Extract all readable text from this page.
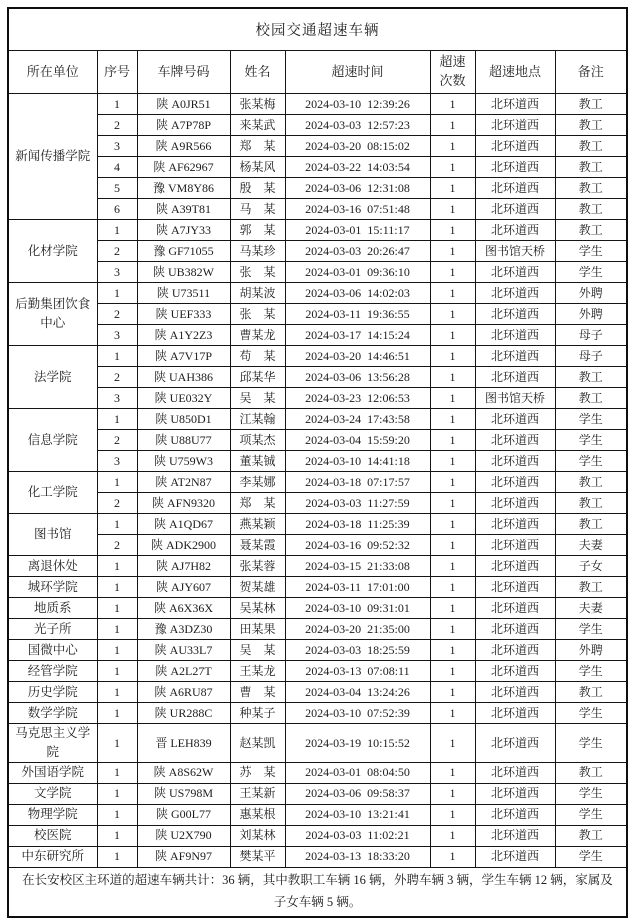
校园交通超速车辆							
所在单位	序号	车牌号码	姓名	超速时间	超速次数	超速地点	备注
新闻传播学院	1	陕 A0JR51	张某梅	2024-03-10  12:39:26	1	北环道西	教工
	2	陕 A7P78P	来某武	2024-03-03  12:57:23	1	北环道西	教工
	3	陕 A9R566	郑　某	2024-03-20  08:15:02	1	北环道西	教工
	4	陕 AF62967	杨某风	2024-03-22  14:03:54	1	北环道西	教工
	5	豫 VM8Y86	殷　某	2024-03-06  12:31:08	1	北环道西	教工
	6	陕 A39T81	马　某	2024-03-16  07:51:48	1	北环道西	教工
化材学院	1	陕 A7JY33	郭　某	2024-03-01  15:11:17	1	北环道西	教工
	2	豫 GF71055	马某珍	2024-03-03  20:26:47	1	图书馆天桥	学生
	3	陕 UB382W	张　某	2024-03-01  09:36:10	1	北环道西	学生
后勤集团饮食中心	1	陕 U73511	胡某波	2024-03-06  14:02:03	1	北环道西	外聘
	2	陕 UEF333	张　某	2024-03-11  19:36:55	1	北环道西	外聘
	3	陕 A1Y2Z3	曹某龙	2024-03-17  14:15:24	1	北环道西	母子
法学院	1	陕 A7V17P	苟　某	2024-03-20  14:46:51	1	北环道西	母子
	2	陕 UAH386	邱某华	2024-03-06  13:56:28	1	北环道西	教工
	3	陕 UE032Y	吴　某	2024-03-23  12:06:53	1	图书馆天桥	教工
信息学院	1	陕 U850D1	江某翰	2024-03-24  17:43:58	1	北环道西	学生
	2	陕 U88U77	项某杰	2024-03-04  15:59:20	1	北环道西	学生
	3	陕 U759W3	董某铖	2024-03-10  14:41:18	1	北环道西	学生
化工学院	1	陕 AT2N87	李某娜	2024-03-18  07:17:57	1	北环道西	教工
	2	陕 AFN9320	郑　某	2024-03-03  11:27:59	1	北环道西	教工
图书馆	1	陕 A1QD67	燕某颖	2024-03-18  11:25:39	1	北环道西	教工
	2	陕 ADK2900	聂某霞	2024-03-16  09:52:32	1	北环道西	夫妻
离退休处	1	陕 AJ7H82	张某蓉	2024-03-15  21:33:08	1	北环道西	子女
城环学院	1	陕 AJY607	贺某雄	2024-03-11  17:01:00	1	北环道西	教工
地质系	1	陕 A6X36X	吴某林	2024-03-10  09:31:01	1	北环道西	夫妻
光子所	1	豫 A3DZ30	田某果	2024-03-20  21:35:00	1	北环道西	学生
国微中心	1	陕 AU33L7	吴　某	2024-03-03  18:25:59	1	北环道西	外聘
经管学院	1	陕 A2L27T	王某龙	2024-03-13  07:08:11	1	北环道西	学生
历史学院	1	陕 A6RU87	曹　某	2024-03-04  13:24:26	1	北环道西	教工
数学学院	1	陕 UR288C	种某子	2024-03-10  07:52:39	1	北环道西	学生
马克思主义学院	1	晋 LEH839	赵某凯	2024-03-19  10:15:52	1	北环道西	学生
外国语学院	1	陕 A8S62W	苏　某	2024-03-01  08:04:50	1	北环道西	教工
文学院	1	陕 US798M	王某新	2024-03-06  09:58:37	1	北环道西	学生
物理学院	1	陕 G00L77	惠某根	2024-03-10  13:21:41	1	北环道西	学生
校医院	1	陕 U2X790	刘某林	2024-03-03  11:02:21	1	北环道西	教工
中东研究所	1	陕 AF9N97	樊某平	2024-03-13  18:33:20	1	北环道西	学生
在长安校区主环道的超速车辆共计：36 辆，其中教职工车辆 16 辆，外聘车辆 3 辆，学生车辆 12 辆，家属及子女车辆 5 辆。							
